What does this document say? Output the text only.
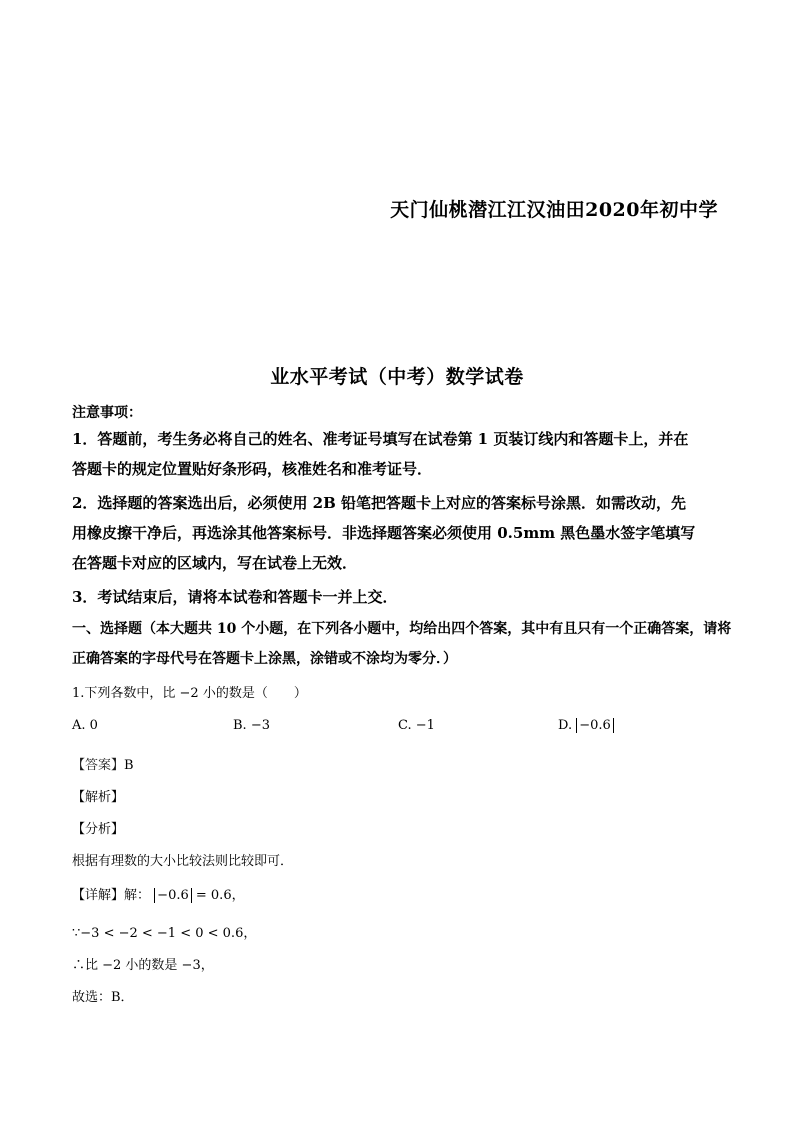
天门仙桃潜江江汉油田2020年初中学
业水平考试（中考）数学试卷
注意事项：
1．答题前，考生务必将自己的姓名、准考证号填写在试卷第 1 页装订线内和答题卡上，并在
答题卡的规定位置贴好条形码，核准姓名和准考证号．
2．选择题的答案选出后，必须使用 2B 铅笔把答题卡上对应的答案标号涂黑．如需改动，先
用橡皮擦干净后，再选涂其他答案标号．非选择题答案必须使用 0.5mm 黑色墨水签字笔填写
在答题卡对应的区域内，写在试卷上无效．
3．考试结束后，请将本试卷和答题卡一并上交．
一、选择题（本大题共 10 个小题，在下列各小题中，均给出四个答案，其中有且只有一个正确答案，请将
正确答案的字母代号在答题卡上涂黑，涂错或不涂均为零分．）
1.下列各数中，比 −2 小的数是（　　）
A. 0	B. −3	C. −1	D. −0.6
【答案】B
【解析】
【分析】
根据有理数的大小比较法则比较即可．
【详解】解： −0.6 = 0.6，
∵−3 < −2 < −1 < 0 < 0.6，
∴比 −2 小的数是 −3，
故选：B．
